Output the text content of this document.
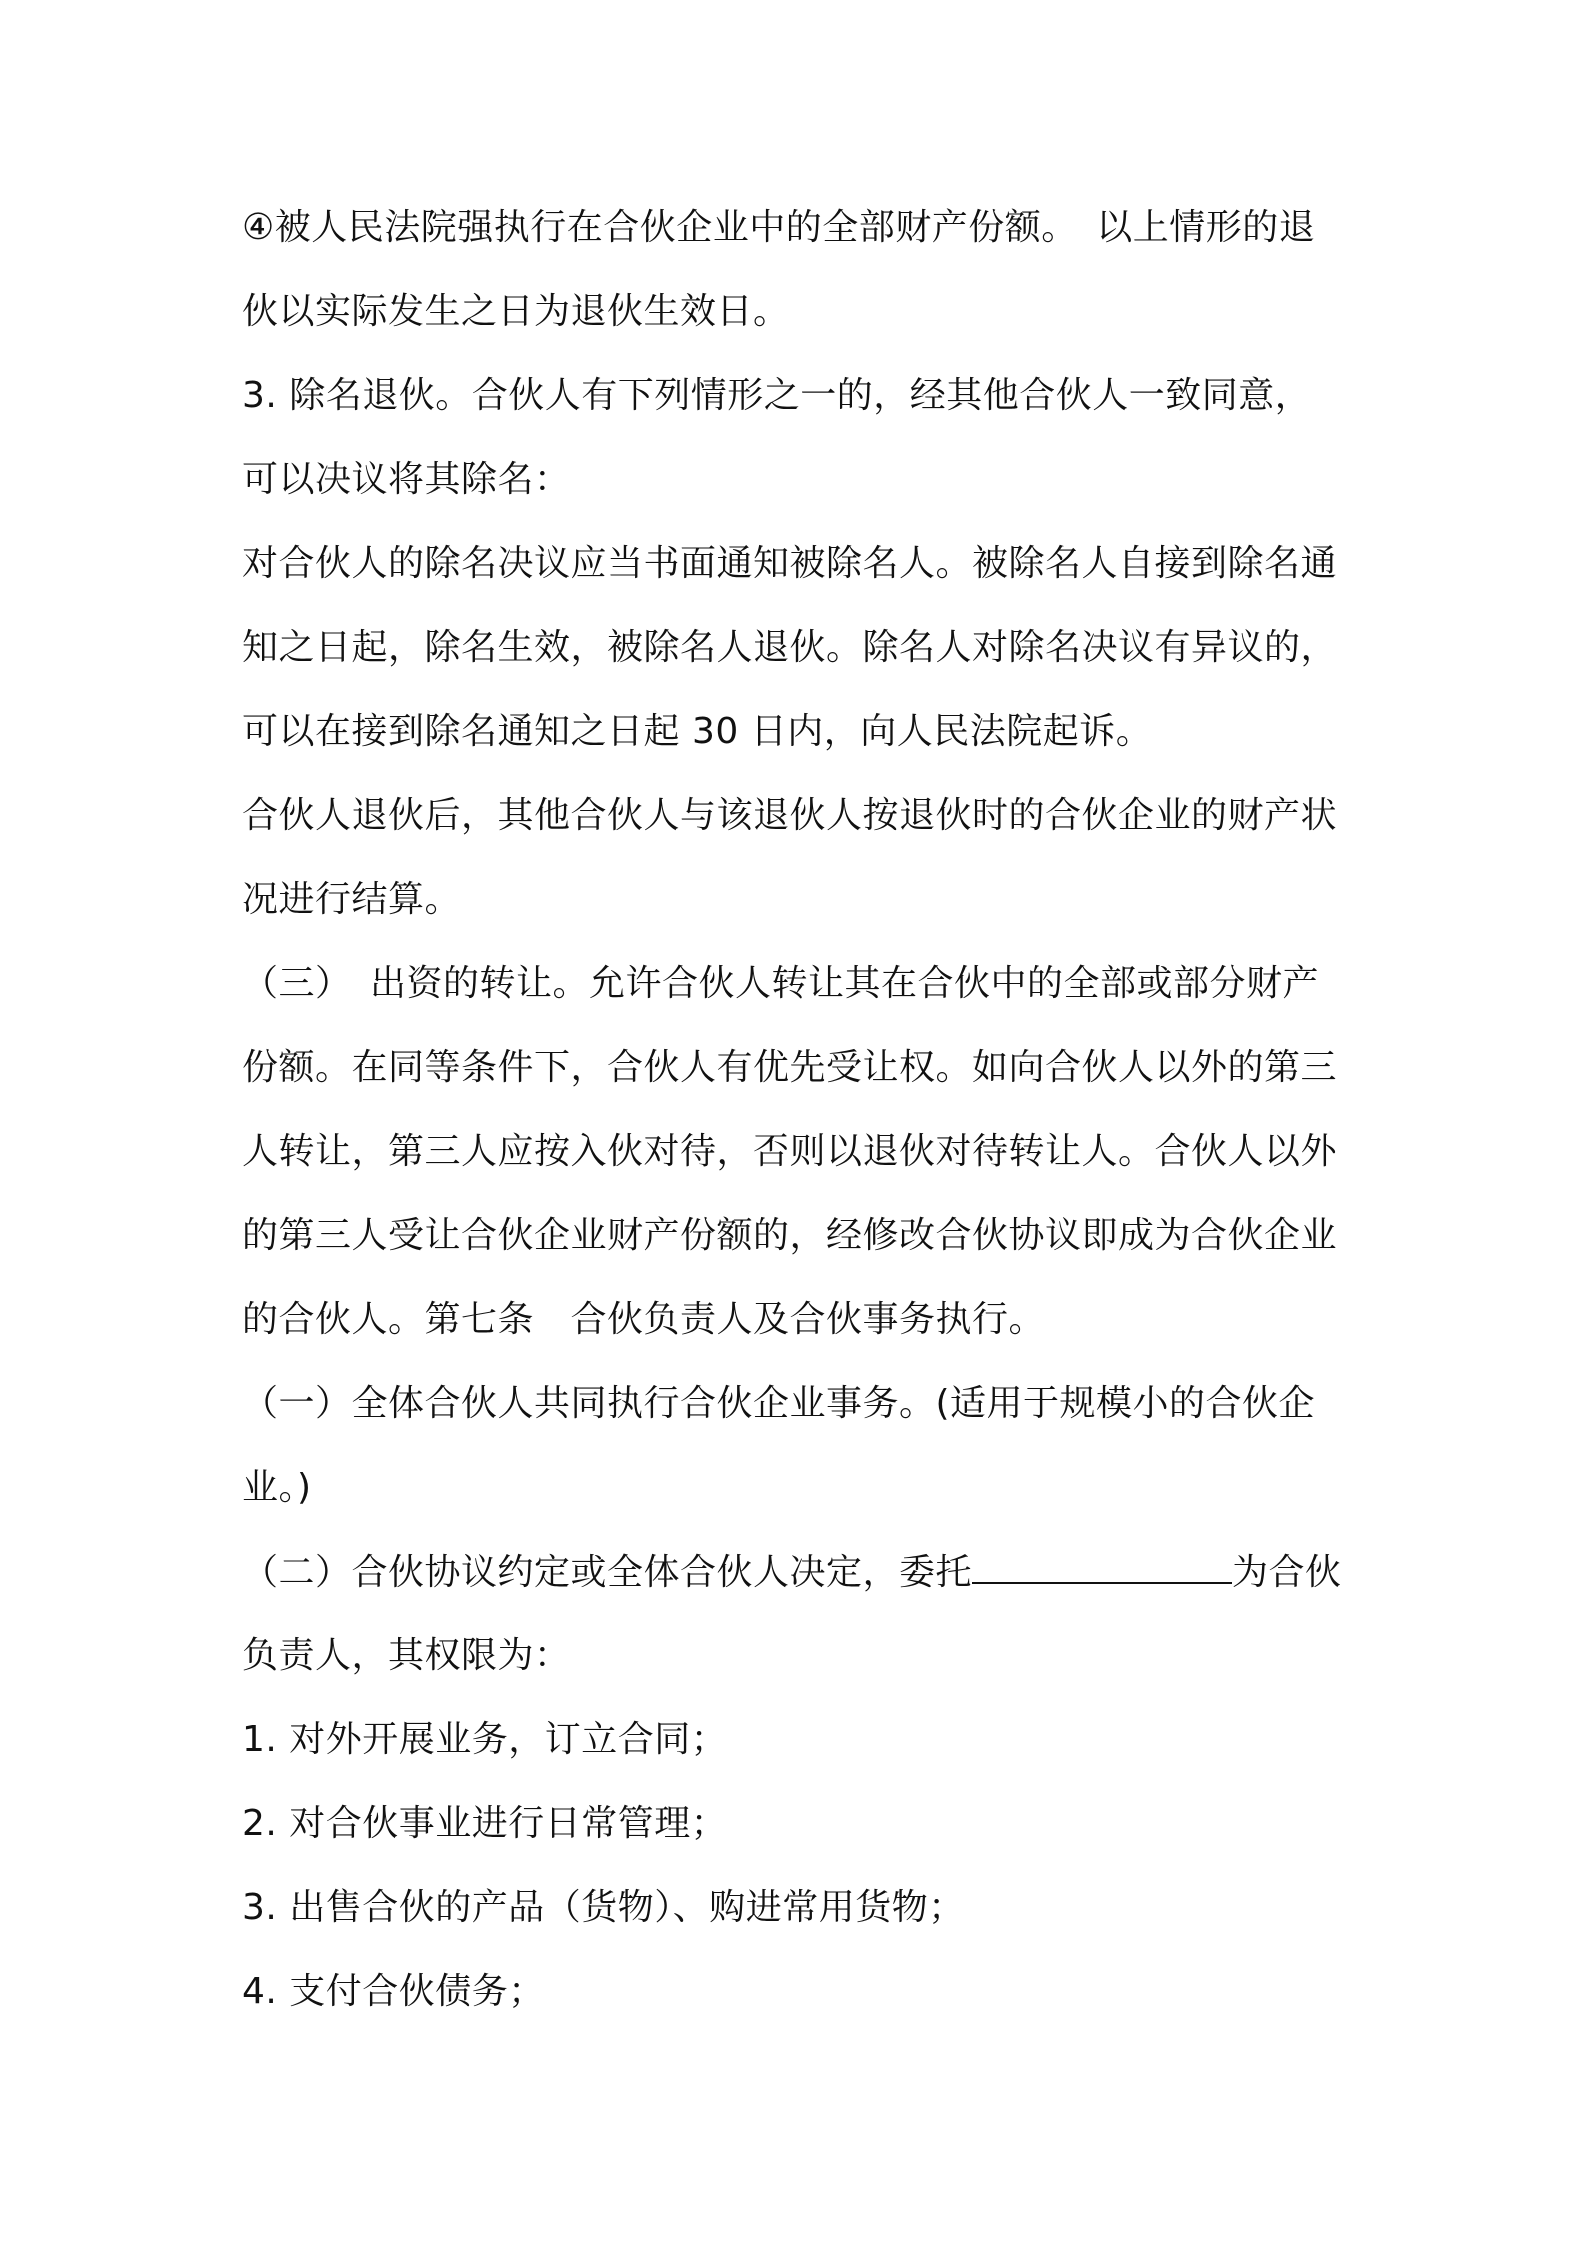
④被人民法院强执行在合伙企业中的全部财产份额。　以上情形的退

伙以实际发生之日为退伙生效日。

3. 除名退伙。合伙人有下列情形之一的，经其他合伙人一致同意，

可以决议将其除名：

对合伙人的除名决议应当书面通知被除名人。被除名人自接到除名通

知之日起，除名生效，被除名人退伙。除名人对除名决议有异议的，

可以在接到除名通知之日起 30 日内，向人民法院起诉。

合伙人退伙后，其他合伙人与该退伙人按退伙时的合伙企业的财产状

况进行结算。

（三）　出资的转让。允许合伙人转让其在合伙中的全部或部分财产

份额。在同等条件下，合伙人有优先受让权。如向合伙人以外的第三

人转让，第三人应按入伙对待，否则以退伙对待转让人。合伙人以外

的第三人受让合伙企业财产份额的，经修改合伙协议即成为合伙企业

的合伙人。第七条　合伙负责人及合伙事务执行。

（一）全体合伙人共同执行合伙企业事务。(适用于规模小的合伙企

业。)

（二）合伙协议约定或全体合伙人决定，委托	为合伙

负责人，其权限为：

1. 对外开展业务，订立合同；

2. 对合伙事业进行日常管理；

3. 出售合伙的产品（货物）、购进常用货物；

4. 支付合伙债务；
